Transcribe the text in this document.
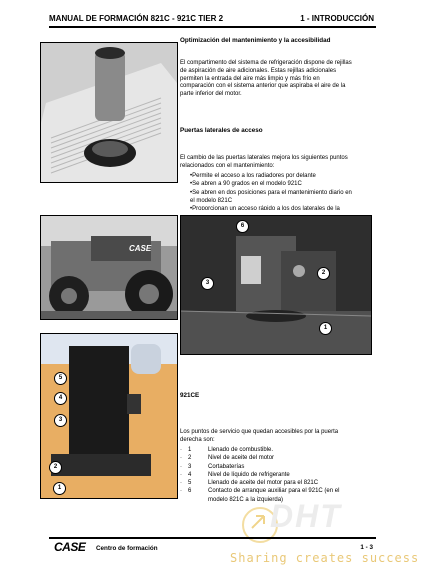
MANUAL DE FORMACIÓN 821C - 921C TIER 2	1 - INTRODUCCIÓN
CASE
6
2
3
1
5
4
3
2
1
Optimización del mantenimiento y la accesibilidad
El compartimento del sistema de refrigeración dispone de rejillas
de aspiración de aire adicionales. Estas rejillas adicionales
permiten la entrada del aire más limpio y más frío en
comparación con el sistema anterior que aspiraba el aire de la
parte inferior del motor.
Puertas laterales de acceso
El cambio de las puertas laterales mejora los siguientes puntos
relacionados con el mantenimiento:
•Permite el acceso a los radiadores por delante
•Se abren a 90 grados en el modelo 921C
•Se abren en dos posiciones para el mantenimiento diario en
el modelo 821C
•Proporcionan un acceso rápido a los dos laterales de la
921CE
Los puntos de servicio que quedan accesibles por la puerta
derecha son:
·	1	Llenado de combustible.
·	2	Nivel de aceite del motor
·	3	Cortabaterías
·	4	Nivel de líquido de refrigerante
·	5	Llenado de aceite del motor para el 821C
·	6	Contacto de arranque auxiliar para el 921C (en el
modelo 821C a la izquierda)
DHT
Sharing creates success
CASE Centro de formación	1 - 3
